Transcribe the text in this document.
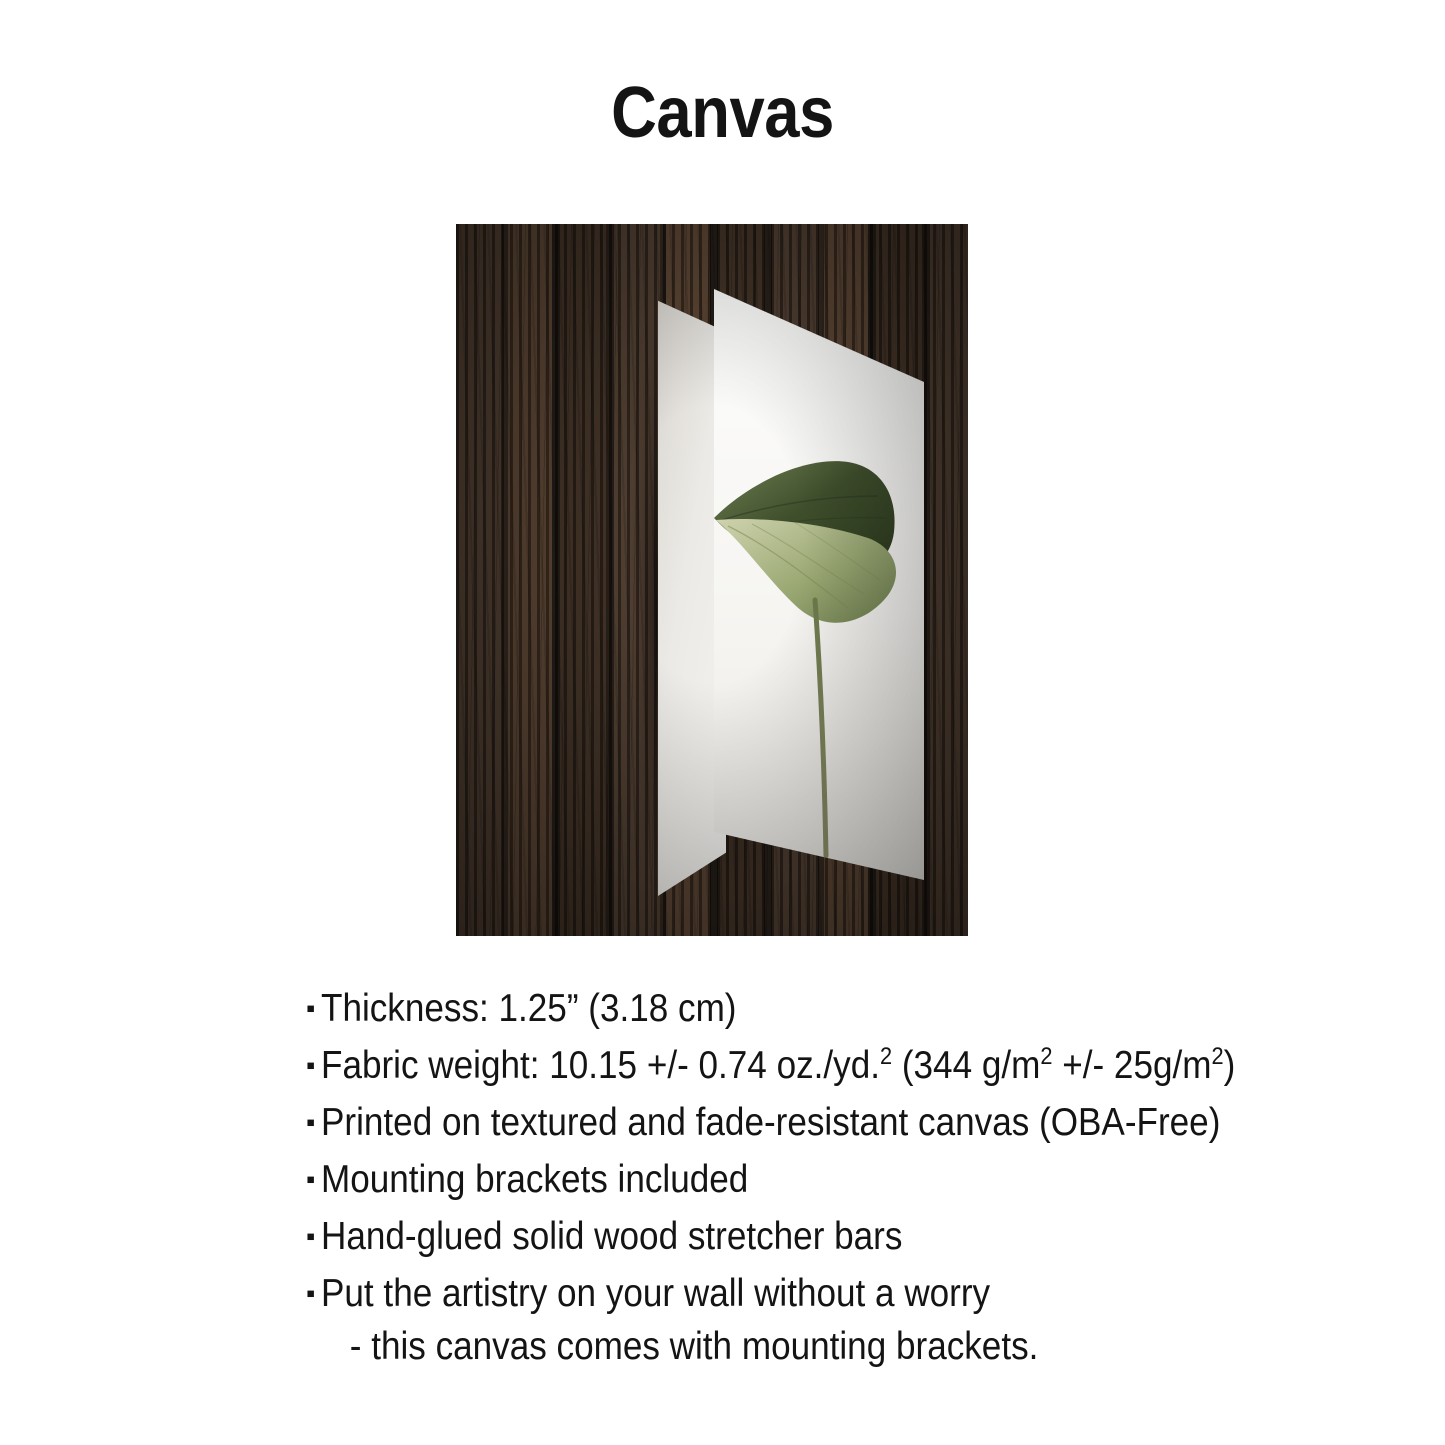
Canvas
▪ Thickness: 1.25” (3.18 cm)
▪ Fabric weight: 10.15 +/- 0.74 oz./yd.$^2$ (344 $g/m^2$ +/- $25g/m^2$)
▪ Printed on textured and fade-resistant canvas (OBA-Free)
▪ Mounting brackets included
▪ Hand-glued solid wood stretcher bars
▪ Put the artistry on your wall without a worry
- this canvas comes with mounting brackets.
